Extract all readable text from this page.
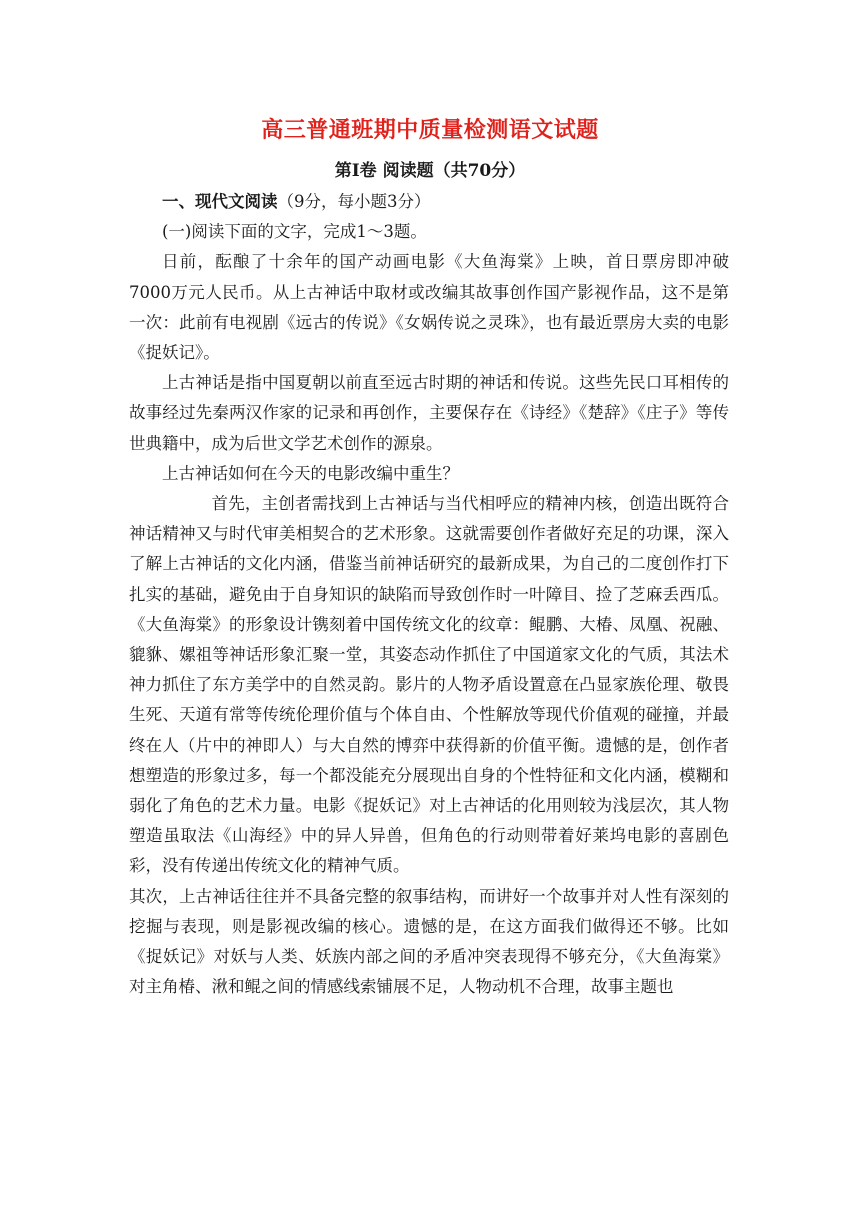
高三普通班期中质量检测语文试题
第Ⅰ卷 阅读题（共70分）

一、现代文阅读（9分，每小题3分）

(一)阅读下面的文字，完成1～3题。

日前，酝酿了十余年的国产动画电影《大鱼海棠》上映，首日票房即冲破7000万元人民币。从上古神话中取材或改编其故事创作国产影视作品，这不是第一次：此前有电视剧《远古的传说》《女娲传说之灵珠》，也有最近票房大卖的电影《捉妖记》。

上古神话是指中国夏朝以前直至远古时期的神话和传说。这些先民口耳相传的故事经过先秦两汉作家的记录和再创作，主要保存在《诗经》《楚辞》《庄子》等传世典籍中，成为后世文学艺术创作的源泉。

上古神话如何在今天的电影改编中重生？

首先，主创者需找到上古神话与当代相呼应的精神内核，创造出既符合神话精神又与时代审美相契合的艺术形象。这就需要创作者做好充足的功课，深入了解上古神话的文化内涵，借鉴当前神话研究的最新成果，为自己的二度创作打下扎实的基础，避免由于自身知识的缺陷而导致创作时一叶障目、捡了芝麻丢西瓜。《大鱼海棠》的形象设计镌刻着中国传统文化的纹章：鲲鹏、大椿、凤凰、祝融、貔貅、嫘祖等神话形象汇聚一堂，其姿态动作抓住了中国道家文化的气质，其法术神力抓住了东方美学中的自然灵韵。影片的人物矛盾设置意在凸显家族伦理、敬畏生死、天道有常等传统伦理价值与个体自由、个性解放等现代价值观的碰撞，并最终在人（片中的神即人）与大自然的博弈中获得新的价值平衡。遗憾的是，创作者想塑造的形象过多，每一个都没能充分展现出自身的个性特征和文化内涵，模糊和弱化了角色的艺术力量。电影《捉妖记》对上古神话的化用则较为浅层次，其人物塑造虽取法《山海经》中的异人异兽，但角色的行动则带着好莱坞电影的喜剧色彩，没有传递出传统文化的精神气质。

其次，上古神话往往并不具备完整的叙事结构，而讲好一个故事并对人性有深刻的挖掘与表现，则是影视改编的核心。遗憾的是，在这方面我们做得还不够。比如《捉妖记》对妖与人类、妖族内部之间的矛盾冲突表现得不够充分，《大鱼海棠》对主角椿、湫和鲲之间的情感线索铺展不足，人物动机不合理，故事主题也
